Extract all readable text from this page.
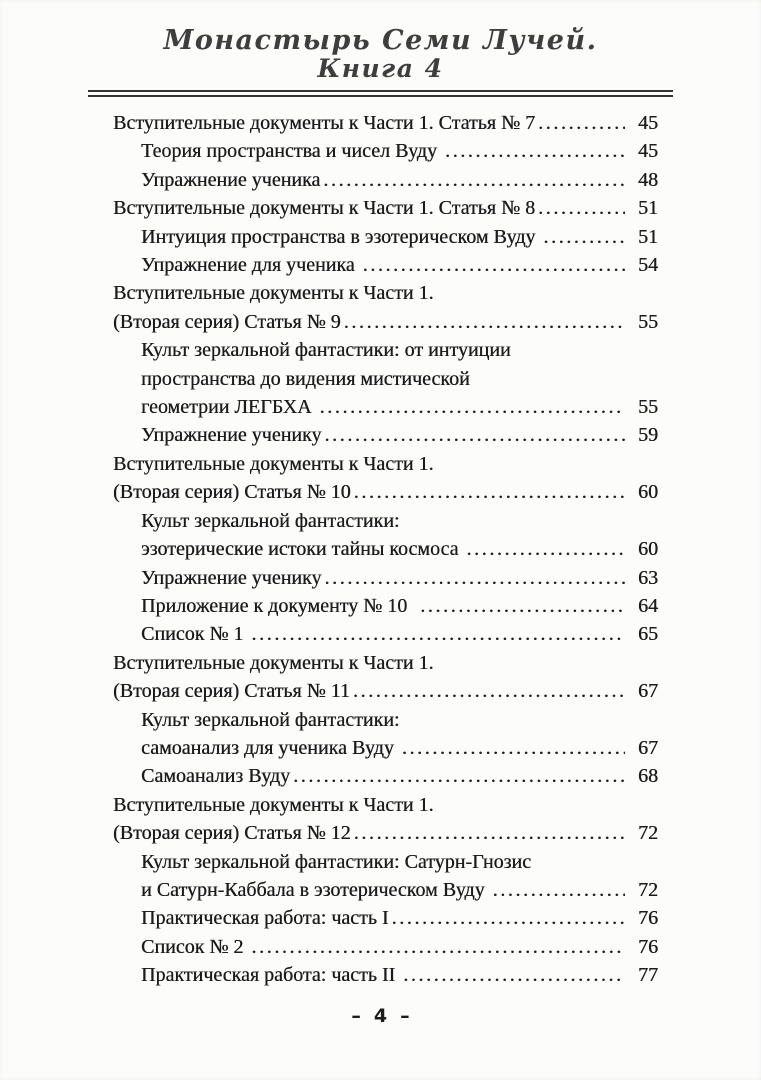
Монастырь Семи Лучей.
Книга 4
Вступительные документы к Части 1. Статья № 7 .....	45
Теория пространства и чисел Вуду .....	45
Упражнение ученика .....	48
Вступительные документы к Части 1. Статья № 8 .....	51
Интуиция пространства в эзотерическом Вуду .....	51
Упражнение для ученика .....	54
Вступительные документы к Части 1.
(Вторая серия) Статья № 9 .....	55
Культ зеркальной фантастики: от интуиции
пространства до видения мистической
геометрии ЛЕГБХА .....	55
Упражнение ученику .....	59
Вступительные документы к Части 1.
(Вторая серия) Статья № 10 .....	60
Культ зеркальной фантастики:
эзотерические истоки тайны космоса .....	60
Упражнение ученику .....	63
Приложение к документу № 10 .....	64
Список № 1 .....	65
Вступительные документы к Части 1.
(Вторая серия) Статья № 11 .....	67
Культ зеркальной фантастики:
самоанализ для ученика Вуду .....	67
Самоанализ Вуду .....	68
Вступительные документы к Части 1.
(Вторая серия) Статья № 12 .....	72
Культ зеркальной фантастики: Сатурн-Гнозис
и Сатурн-Каббала в эзотерическом Вуду .....	72
Практическая работа: часть I .....	76
Список № 2 .....	76
Практическая работа: часть II .....	77
– 4 –
